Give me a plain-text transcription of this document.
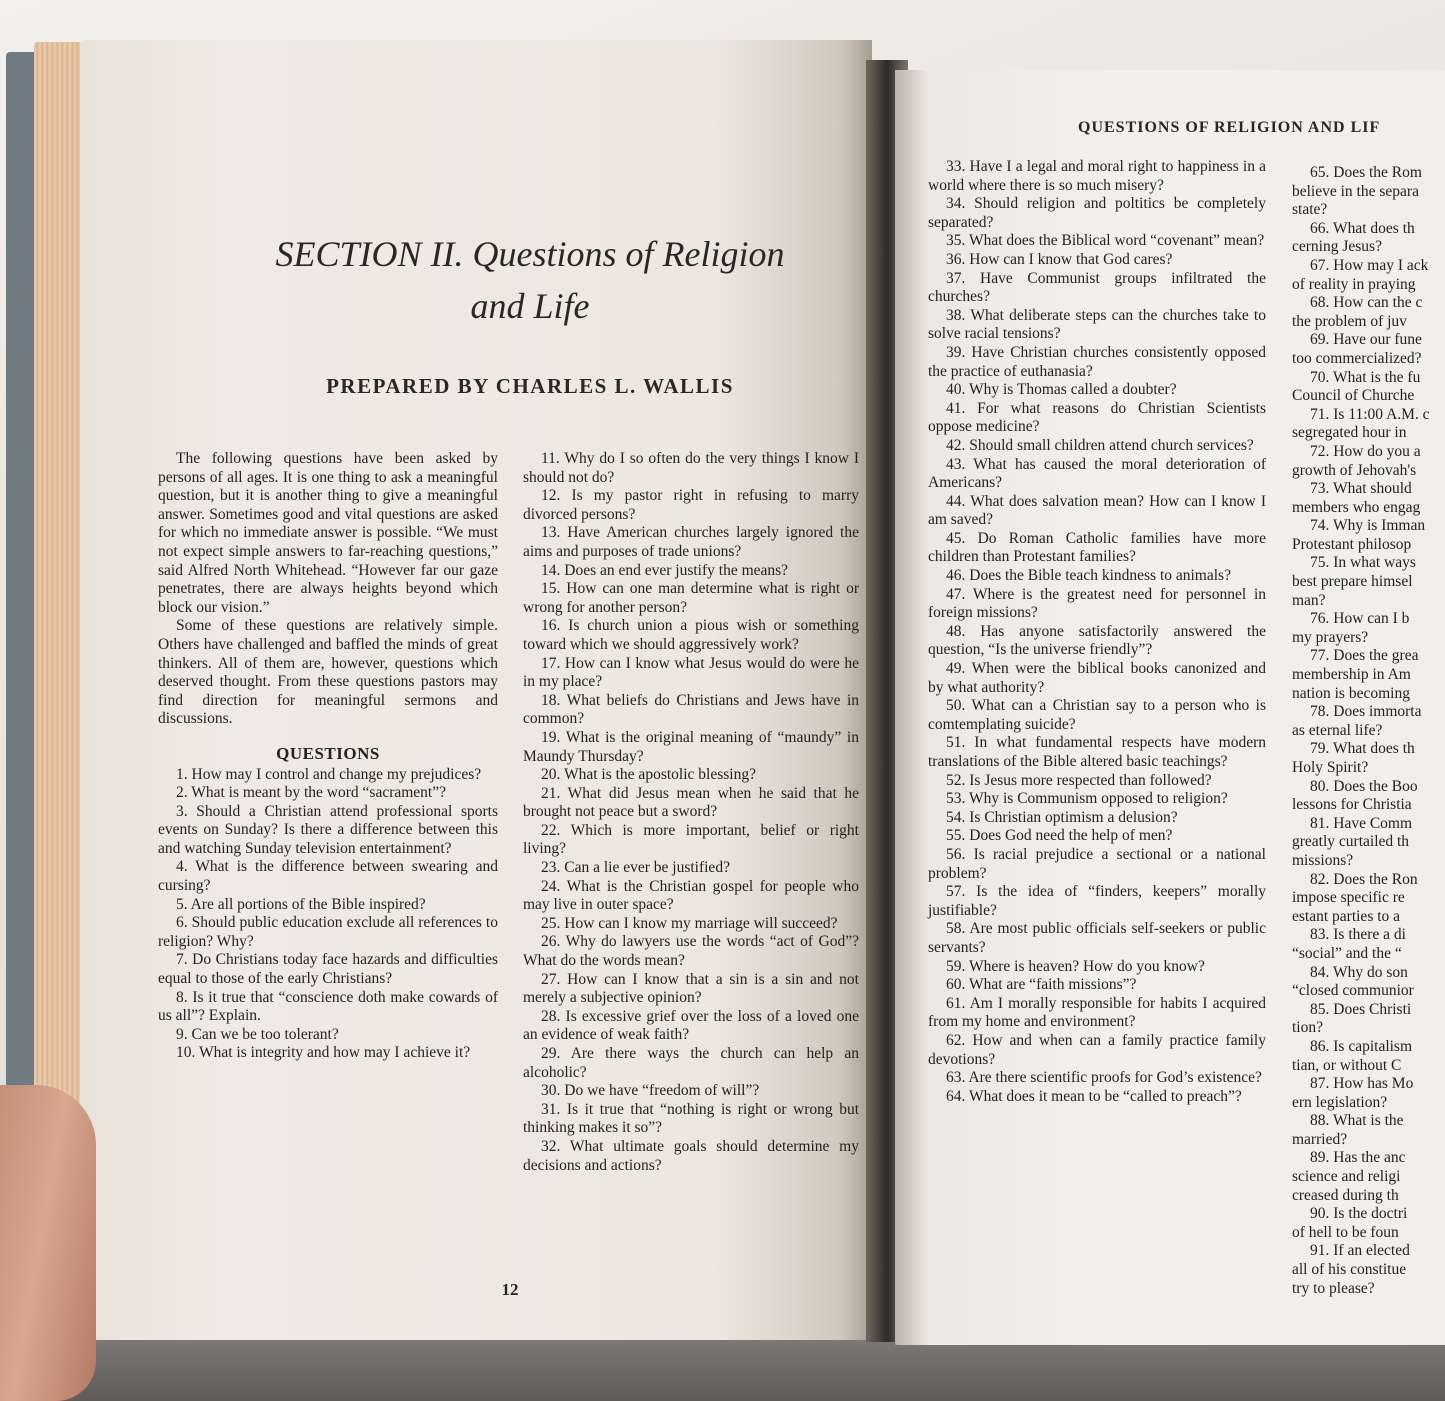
SECTION II. Questions of Religion
and Life
PREPARED BY CHARLES L. WALLIS

The following questions have been asked by persons of all ages. It is one thing to ask a meaningful question, but it is another thing to give a meaningful answer. Sometimes good and vital questions are asked for which no immediate answer is possible. “We must not expect simple answers to far-reaching questions,” said Alfred North Whitehead. “However far our gaze penetrates, there are always heights beyond which block our vision.”

Some of these questions are relatively simple. Others have challenged and baffled the minds of great thinkers. All of them are, however, questions which deserved thought. From these questions pastors may find direction for meaningful sermons and discussions.

QUESTIONS

1. How may I control and change my prejudices?

2. What is meant by the word “sacrament”?

3. Should a Christian attend professional sports events on Sunday? Is there a difference between this and watching Sunday television entertainment?

4. What is the difference between swearing and cursing?

5. Are all portions of the Bible inspired?

6. Should public education exclude all references to religion? Why?

7. Do Christians today face hazards and difficulties equal to those of the early Christians?

8. Is it true that “conscience doth make cowards of us all”? Explain.

9. Can we be too tolerant?

10. What is integrity and how may I achieve it?

11. Why do I so often do the very things I know I should not do?

12. Is my pastor right in refusing to marry divorced persons?

13. Have American churches largely ignored the aims and purposes of trade unions?

14. Does an end ever justify the means?

15. How can one man determine what is right or wrong for another person?

16. Is church union a pious wish or something toward which we should aggressively work?

17. How can I know what Jesus would do were he in my place?

18. What beliefs do Christians and Jews have in common?

19. What is the original meaning of “maundy” in Maundy Thursday?

20. What is the apostolic blessing?

21. What did Jesus mean when he said that he brought not peace but a sword?

22. Which is more important, belief or right living?

23. Can a lie ever be justified?

24. What is the Christian gospel for people who may live in outer space?

25. How can I know my marriage will succeed?

26. Why do lawyers use the words “act of God”? What do the words mean?

27. How can I know that a sin is a sin and not merely a subjective opinion?

28. Is excessive grief over the loss of a loved one an evidence of weak faith?

29. Are there ways the church can help an alcoholic?

30. Do we have “freedom of will”?

31. Is it true that “nothing is right or wrong but thinking makes it so”?

32. What ultimate goals should determine my decisions and actions?

12
QUESTIONS OF RELIGION AND LIF

33. Have I a legal and moral right to happiness in a world where there is so much misery?

34. Should religion and poltitics be completely separated?

35. What does the Biblical word “covenant” mean?

36. How can I know that God cares?

37. Have Communist groups infiltrated the churches?

38. What deliberate steps can the churches take to solve racial tensions?

39. Have Christian churches consistently opposed the practice of euthanasia?

40. Why is Thomas called a doubter?

41. For what reasons do Christian Scientists oppose medicine?

42. Should small children attend church services?

43. What has caused the moral deterioration of Americans?

44. What does salvation mean? How can I know I am saved?

45. Do Roman Catholic families have more children than Protestant families?

46. Does the Bible teach kindness to animals?

47. Where is the greatest need for personnel in foreign missions?

48. Has anyone satisfactorily answered the question, “Is the universe friendly”?

49. When were the biblical books canonized and by what authority?

50. What can a Christian say to a person who is comtemplating suicide?

51. In what fundamental respects have modern translations of the Bible altered basic teachings?

52. Is Jesus more respected than followed?

53. Why is Communism opposed to religion?

54. Is Christian optimism a delusion?

55. Does God need the help of men?

56. Is racial prejudice a sectional or a national problem?

57. Is the idea of “finders, keepers” morally justifiable?

58. Are most public officials self-seekers or public servants?

59. Where is heaven? How do you know?

60. What are “faith missions”?

61. Am I morally responsible for habits I acquired from my home and environment?

62. How and when can a family practice family devotions?

63. Are there scientific proofs for God’s existence?

64. What does it mean to be “called to preach”?

65. Does the Rom

believe in the separa

state?

66. What does th

cerning Jesus?

67. How may I ack

of reality in praying

68. How can the c

the problem of juv

69. Have our fune

too commercialized?

70. What is the fu

Council of Churche

71. Is 11:00 A.M. c

segregated hour in

72. How do you a

growth of Jehovah's

73. What should

members who engag

74. Why is Imman

Protestant philosop

75. In what ways

best prepare himsel

man?

76. How can I b

my prayers?

77. Does the grea

membership in Am

nation is becoming

78. Does immorta

as eternal life?

79. What does th

Holy Spirit?

80. Does the Boo

lessons for Christia

81. Have Comm

greatly curtailed th

missions?

82. Does the Ron

impose specific re

estant parties to a

83. Is there a di

“social” and the “

84. Why do son

“closed communior

85. Does Christi

tion?

86. Is capitalism

tian, or without C

87. How has Mo

ern legislation?

88. What is the

married?

89. Has the anc

science and religi

creased during th

90. Is the doctri

of hell to be foun

91. If an elected

all of his constitue

try to please?
